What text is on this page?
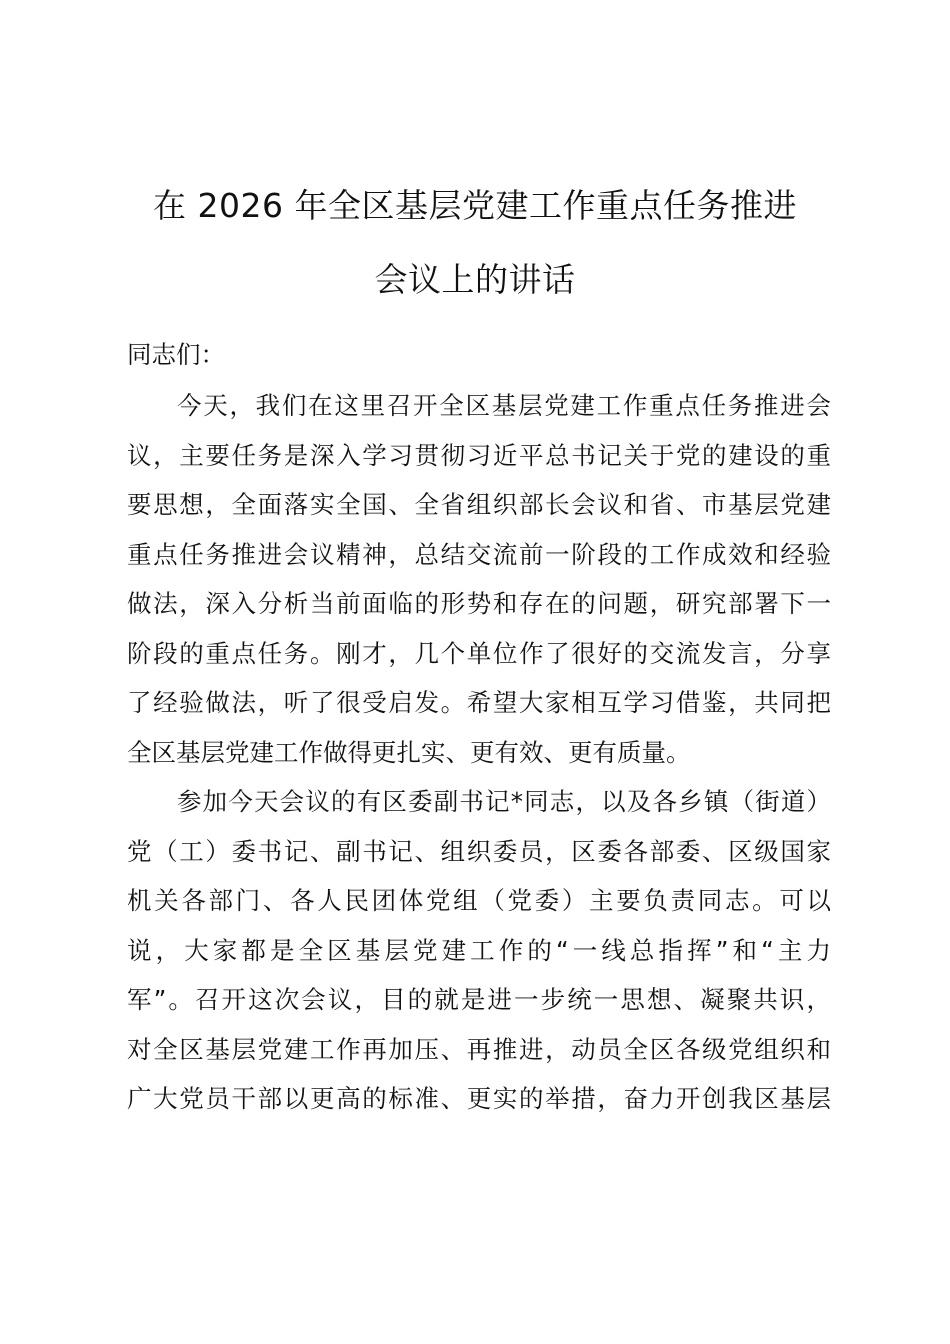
在 2026 年全区基层党建工作重点任务推进
会议上的讲话
同志们：
今天，我们在这里召开全区基层党建工作重点任务推进会
议，主要任务是深入学习贯彻习近平总书记关于党的建设的重
要思想，全面落实全国、全省组织部长会议和省、市基层党建
重点任务推进会议精神，总结交流前一阶段的工作成效和经验
做法，深入分析当前面临的形势和存在的问题，研究部署下一
阶段的重点任务。刚才，几个单位作了很好的交流发言，分享
了经验做法，听了很受启发。希望大家相互学习借鉴，共同把
全区基层党建工作做得更扎实、更有效、更有质量。
参加今天会议的有区委副书记*同志，以及各乡镇（街道）
党（工）委书记、副书记、组织委员，区委各部委、区级国家
机关各部门、各人民团体党组（党委）主要负责同志。可以
说，大家都是全区基层党建工作的“一线总指挥”和“主力
军”。召开这次会议，目的就是进一步统一思想、凝聚共识，
对全区基层党建工作再加压、再推进，动员全区各级党组织和
广大党员干部以更高的标准、更实的举措，奋力开创我区基层
